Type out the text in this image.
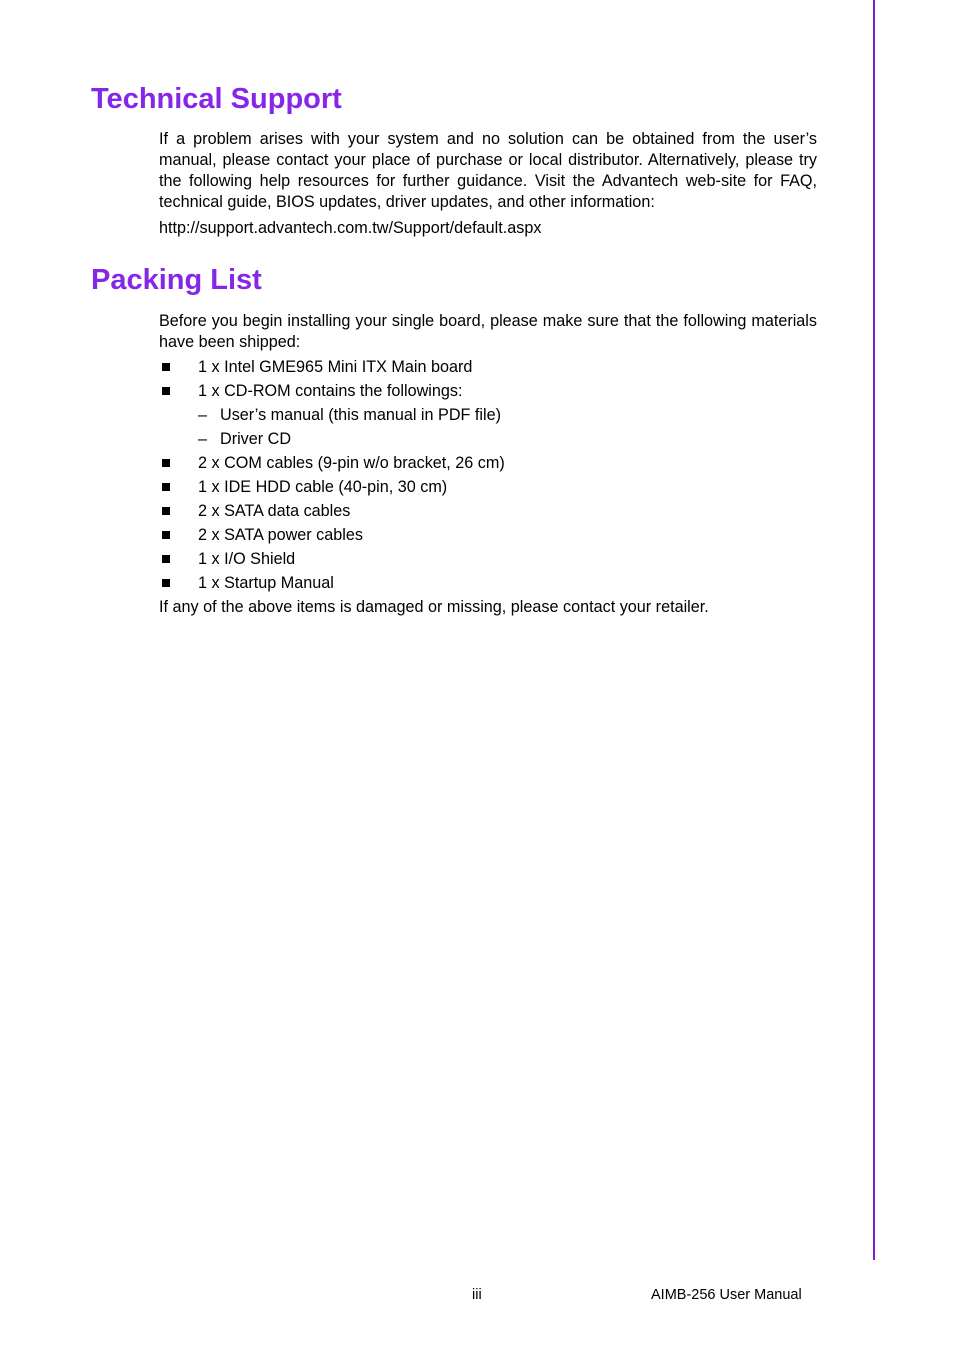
Technical Support

If a problem arises with your system and no solution can be obtained from the user’s manual, please contact your place of purchase or local distributor. Alternatively, please try the following help resources for further guidance. Visit the Advantech web-site for FAQ, technical guide, BIOS updates, driver updates, and other information:

http://support.advantech.com.tw/Support/default.aspx

Packing List

Before you begin installing your single board, please make sure that the following materials have been shipped:

1 x Intel GME965 Mini ITX Main board
1 x CD-ROM contains the followings:
– User’s manual (this manual in PDF file)
– Driver CD
2 x COM cables (9-pin w/o bracket, 26 cm)
1 x IDE HDD cable (40-pin, 30 cm)
2 x SATA data cables
2 x SATA power cables
1 x I/O Shield
1 x Startup Manual

If any of the above items is damaged or missing, please contact your retailer.

iii	AIMB-256 User Manual
